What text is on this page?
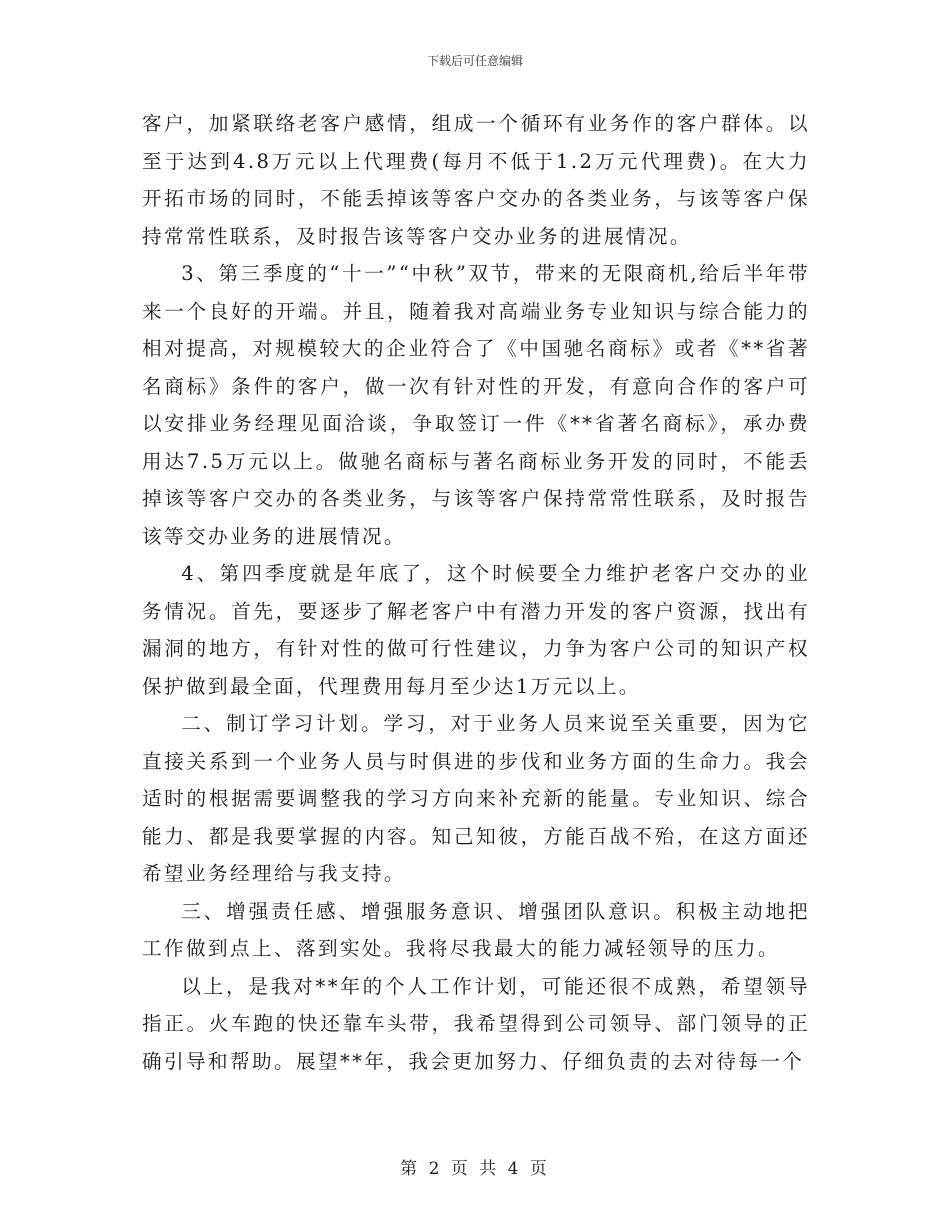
下载后可任意编辑

客户，加紧联络老客户感情，组成一个循环有业务作的客户群体。以至于达到4.8万元以上代理费(每月不低于1.2万元代理费)。在大力开拓市场的同时，不能丢掉该等客户交办的各类业务，与该等客户保持常常性联系，及时报告该等客户交办业务的进展情况。

3、第三季度的“十一”“中秋”双节，带来的无限商机,给后半年带来一个良好的开端。并且，随着我对高端业务专业知识与综合能力的相对提高，对规模较大的企业符合了《中国驰名商标》或者《**省著名商标》条件的客户，做一次有针对性的开发，有意向合作的客户可以安排业务经理见面洽谈，争取签订一件《**省著名商标》，承办费用达7.5万元以上。做驰名商标与著名商标业务开发的同时，不能丢掉该等客户交办的各类业务，与该等客户保持常常性联系，及时报告该等交办业务的进展情况。

4、第四季度就是年底了，这个时候要全力维护老客户交办的业务情况。首先，要逐步了解老客户中有潜力开发的客户资源，找出有漏洞的地方，有针对性的做可行性建议，力争为客户公司的知识产权保护做到最全面，代理费用每月至少达1万元以上。

二、制订学习计划。学习，对于业务人员来说至关重要，因为它直接关系到一个业务人员与时俱进的步伐和业务方面的生命力。我会适时的根据需要调整我的学习方向来补充新的能量。专业知识、综合能力、都是我要掌握的内容。知己知彼，方能百战不殆，在这方面还希望业务经理给与我支持。

三、增强责任感、增强服务意识、增强团队意识。积极主动地把工作做到点上、落到实处。我将尽我最大的能力减轻领导的压力。

以上，是我对**年的个人工作计划，可能还很不成熟，希望领导指正。火车跑的快还靠车头带，我希望得到公司领导、部门领导的正确引导和帮助。展望**年，我会更加努力、仔细负责的去对待每一个

第 2 页 共 4 页
